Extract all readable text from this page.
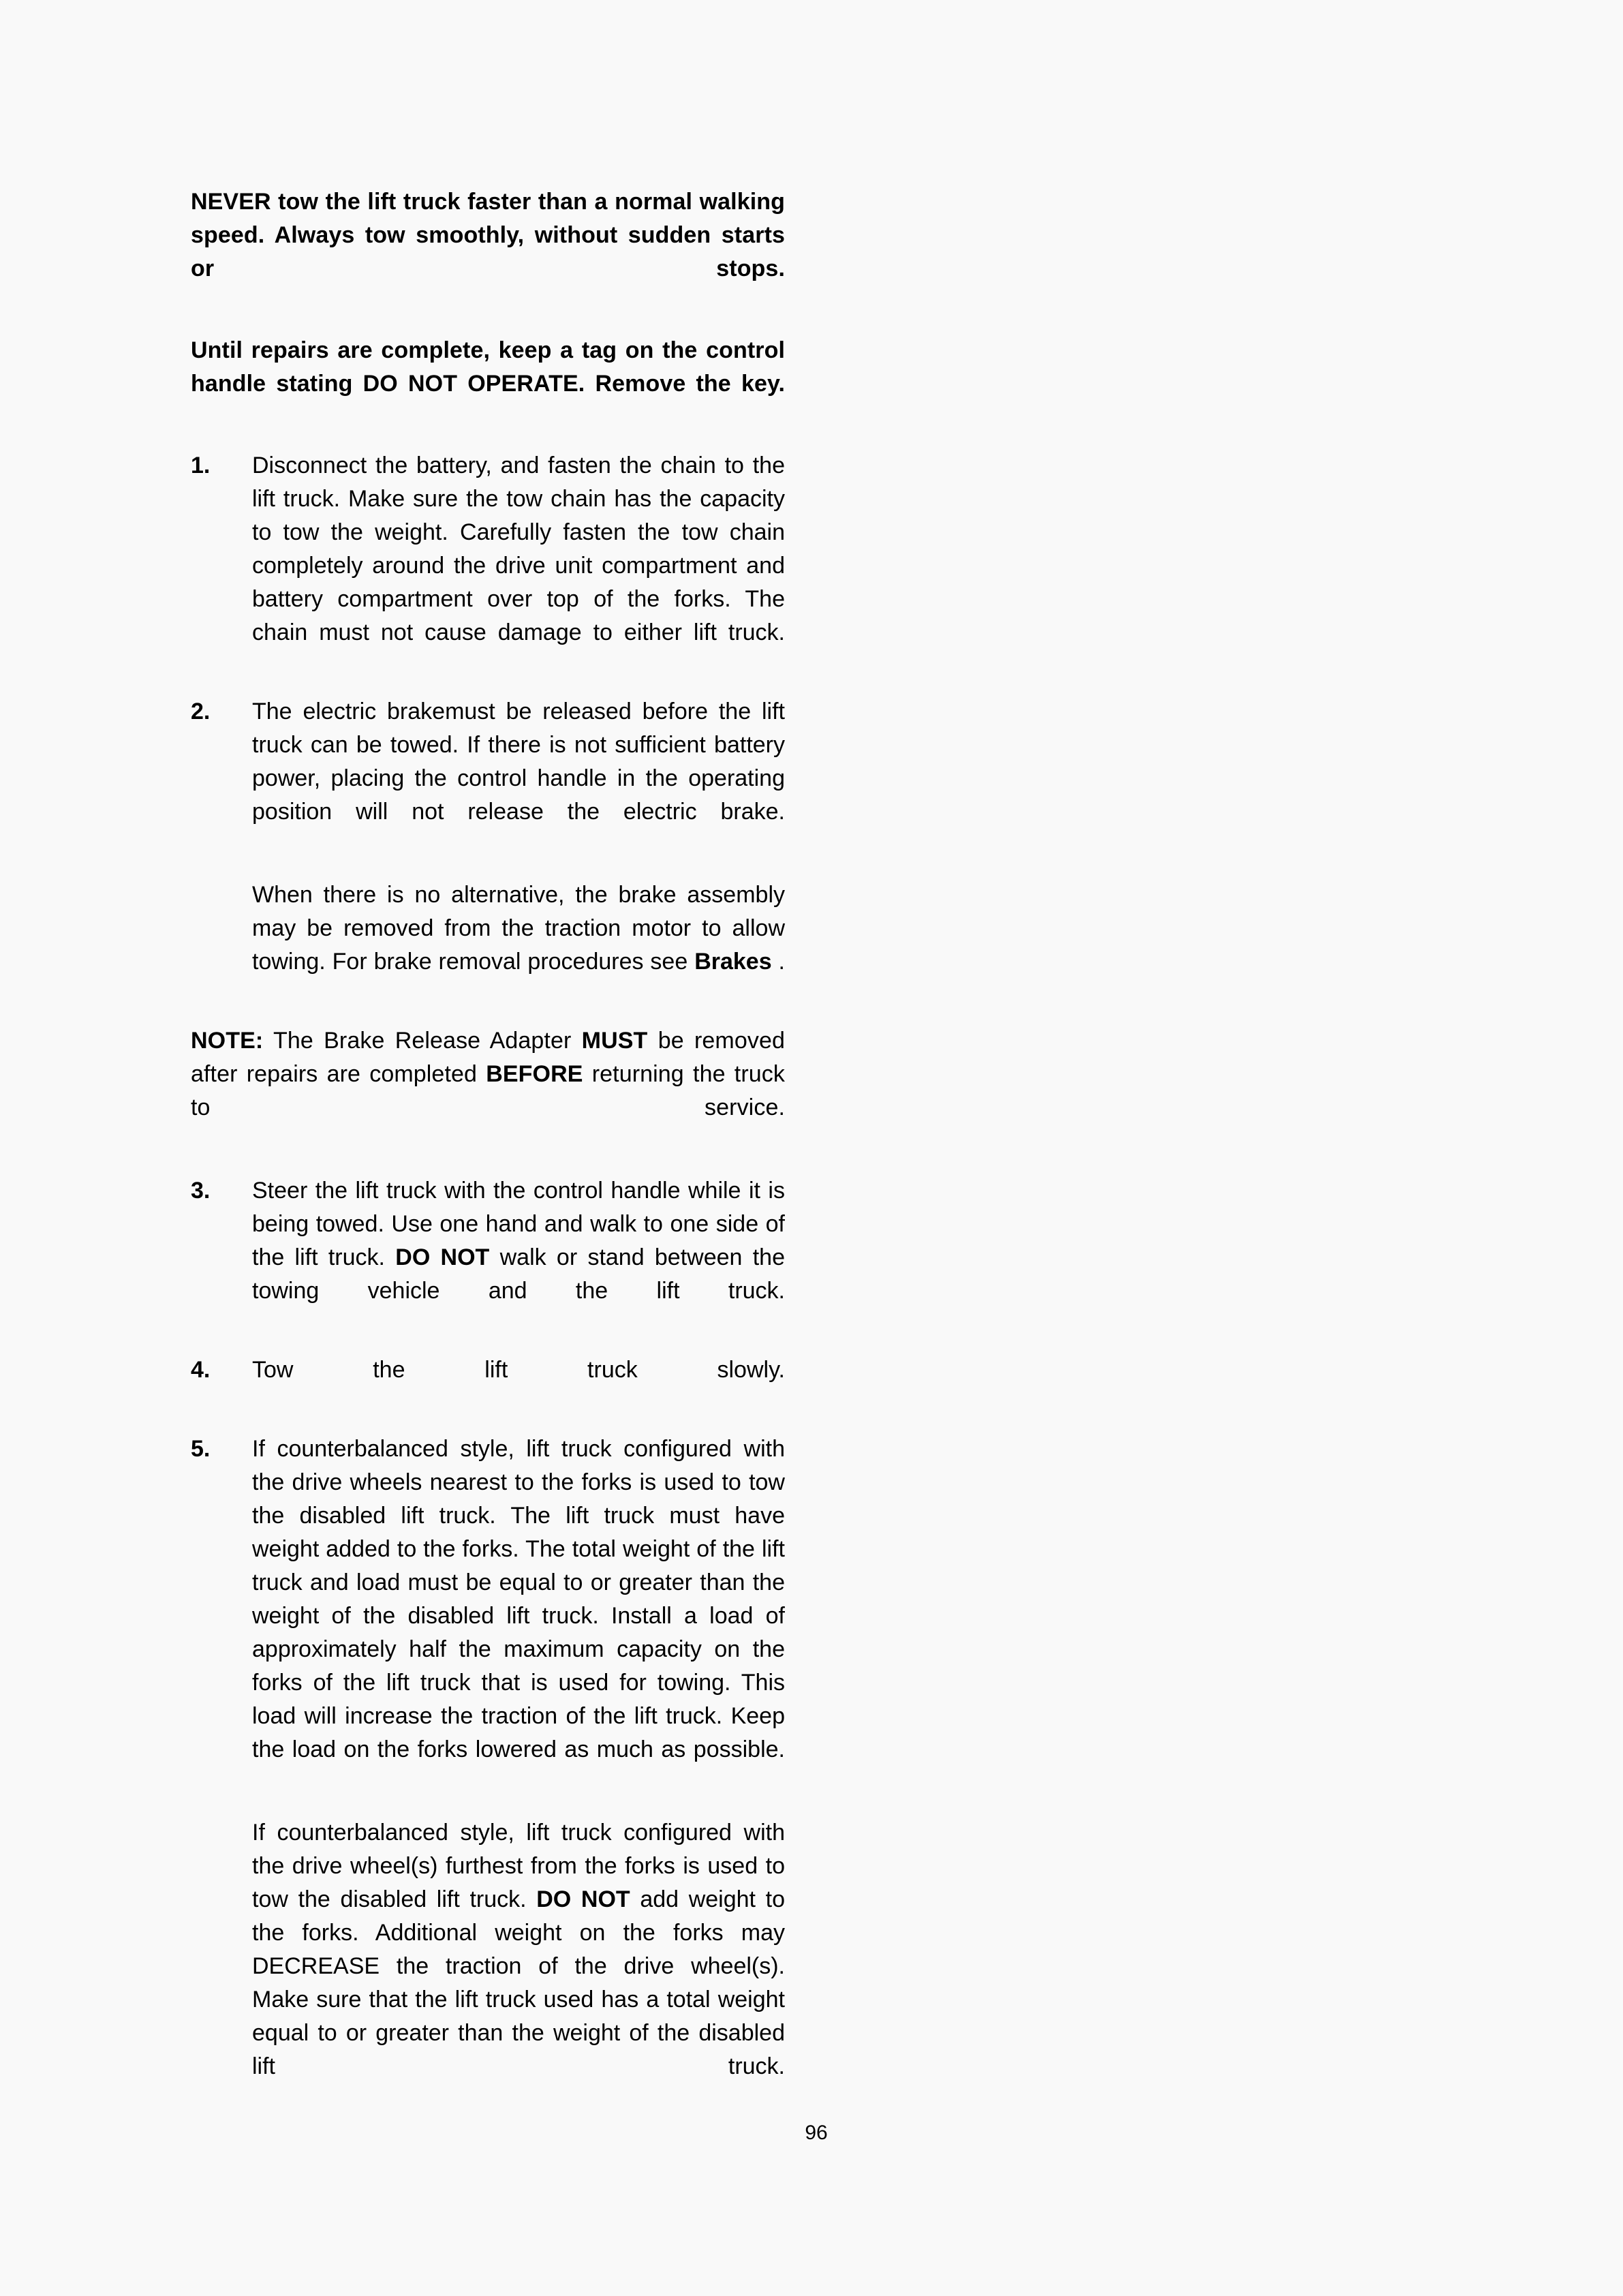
NEVER tow the lift truck faster than a normal walking speed. Always tow smoothly, without sudden starts or stops.

Until repairs are complete, keep a tag on the control handle stating DO NOT OPERATE. Remove the key.

1.	Disconnect the battery, and fasten the chain to the lift truck. Make sure the tow chain has the capacity to tow the weight. Carefully fasten the tow chain completely around the drive unit compartment and battery compartment over top of the forks. The chain must not cause damage to either lift truck.

2.	The electric brakemust be released before the lift truck can be towed. If there is not sufficient battery power, placing the control handle in the operating position will not release the electric brake.

When there is no alternative, the brake assembly may be removed from the traction motor to allow towing. For brake removal procedures see Brakes .

NOTE: The Brake Release Adapter MUST be removed after repairs are completed BEFORE returning the truck to service.

3.	Steer the lift truck with the control handle while it is being towed. Use one hand and walk to one side of the lift truck. DO NOT walk or stand between the towing vehicle and the lift truck.

4.	Tow the lift truck slowly.

5.	If counterbalanced style, lift truck configured with the drive wheels nearest to the forks is used to tow the disabled lift truck. The lift truck must have weight added to the forks. The total weight of the lift truck and load must be equal to or greater than the weight of the disabled lift truck. Install a load of approximately half the maximum capacity on the forks of the lift truck that is used for towing. This load will increase the traction of the lift truck. Keep the load on the forks lowered as much as possible.

If counterbalanced style, lift truck configured with the drive wheel(s) furthest from the forks is used to tow the disabled lift truck. DO NOT add weight to the forks. Additional weight on the forks may DECREASE the traction of the drive wheel(s). Make sure that the lift truck used has a total weight equal to or greater than the weight of the disabled lift truck.

96
